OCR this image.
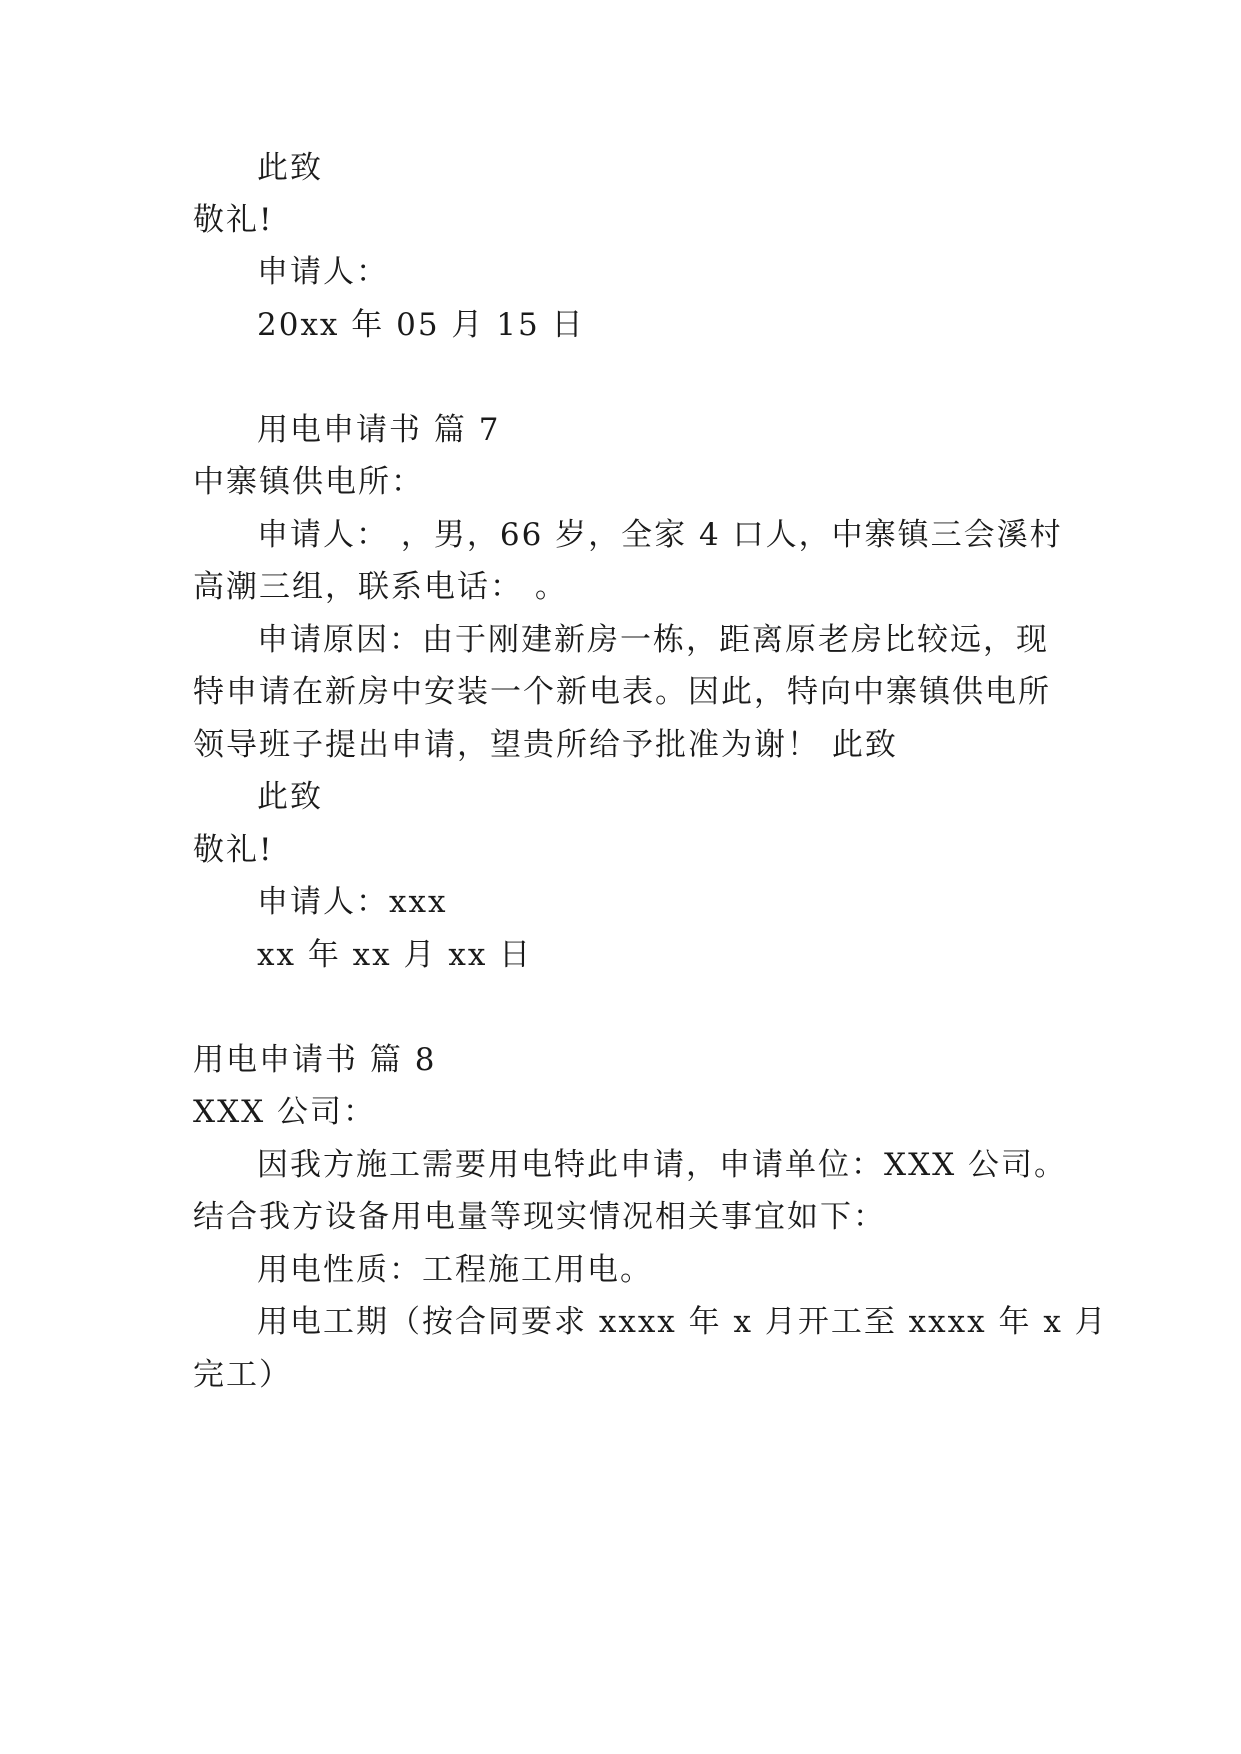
此致
敬礼!
申请人：
20xx 年 05 月 15 日
用电申请书 篇 7
中寨镇供电所：
申请人： ，男，66 岁，全家 4 口人，中寨镇三会溪村
高潮三组，联系电话： 。
申请原因：由于刚建新房一栋，距离原老房比较远，现
特申请在新房中安装一个新电表。因此，特向中寨镇供电所
领导班子提出申请，望贵所给予批准为谢！ 此致
此致
敬礼!
申请人：xxx
xx 年 xx 月 xx 日
用电申请书 篇 8
XXX 公司：
因我方施工需要用电特此申请，申请单位：XXX 公司。
结合我方设备用电量等现实情况相关事宜如下：
用电性质：工程施工用电。
用电工期（按合同要求 xxxx 年 x 月开工至 xxxx 年 x 月
完工）
